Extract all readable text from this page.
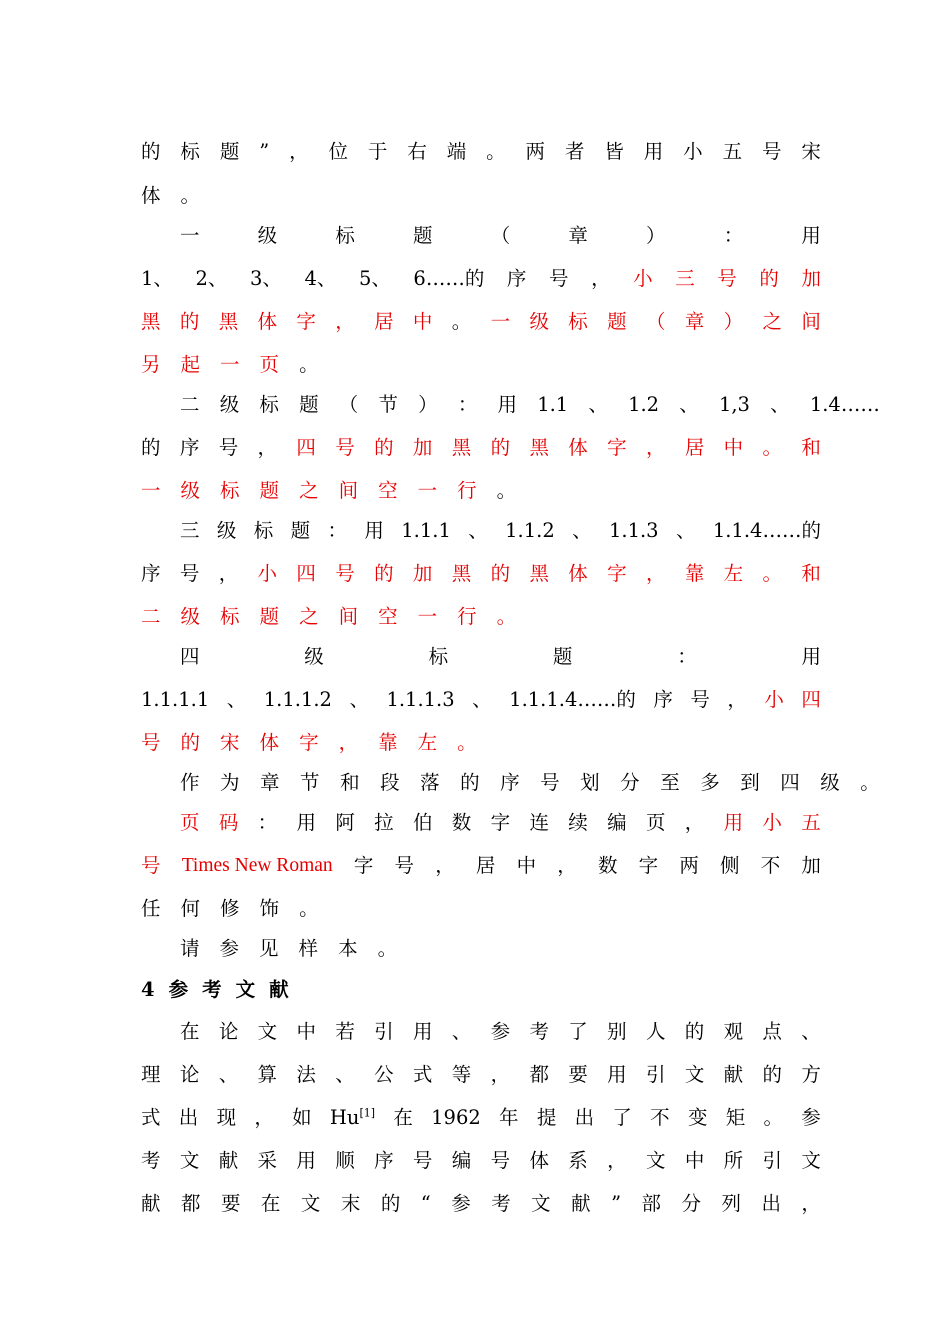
的 标 题 ” ， 位 于 右 端 。 两 者 皆 用 小 五 号 宋
体 。
一	级	标	题	（	章	）	：	用
1、 2、 3、 4、 5、 6……的 序 号 ， 小 三 号 的 加
黑 的 黑 体 字 ， 居 中 。 一 级 标 题 （ 章 ） 之 间
另 起 一 页 。
二 级 标 题 （ 节 ） ： 用 1.1 、 1.2 、 1,3 、 1.4……
的 序 号 ， 四 号 的 加 黑 的 黑 体 字 ， 居 中 。 和
一 级 标 题 之 间 空 一 行 。
三 级 标 题 ： 用 1.1.1 、 1.1.2 、 1.1.3 、 1.1.4……的
序 号 ， 小 四 号 的 加 黑 的 黑 体 字 ， 靠 左 。 和
二 级 标 题 之 间 空 一 行 。
四	级	标	题	：	用
1.1.1.1 、 1.1.1.2 、 1.1.1.3 、 1.1.1.4……的 序 号 ， 小 四
号 的 宋 体 字 ， 靠 左 。
作 为 章 节 和 段 落 的 序 号 划 分 至 多 到 四 级 。
页 码 ： 用 阿 拉 伯 数 字 连 续 编 页 ， 用 小 五
号 Times New Roman 字 号 ， 居 中 ， 数 字 两 侧 不 加
任 何 修 饰 。
请 参 见 样 本 。
4 参 考 文 献
在 论 文 中 若 引 用 、 参 考 了 别 人 的 观 点 、
理 论 、 算 法 、 公 式 等 ， 都 要 用 引 文 献 的 方
式 出 现 ， 如 Hu[1] 在 1962 年 提 出 了 不 变 矩 。 参
考 文 献 采 用 顺 序 号 编 号 体 系 ， 文 中 所 引 文
献 都 要 在 文 末 的 “ 参 考 文 献 ” 部 分 列 出 ，
